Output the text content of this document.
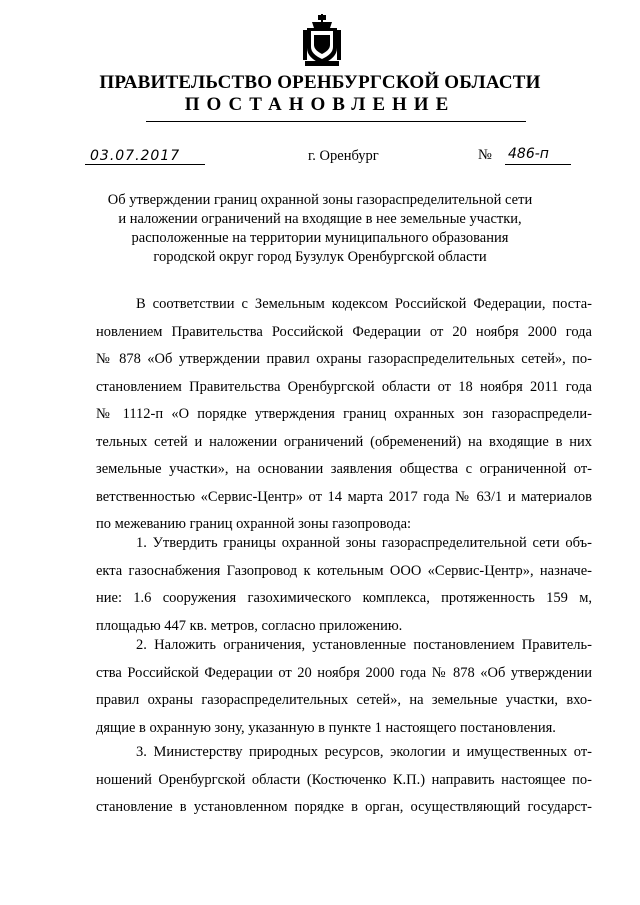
ПРАВИТЕЛЬСТВО ОРЕНБУРГСКОЙ ОБЛАСТИ
ПОСТАНОВЛЕНИЕ
03.07.2017	г. Оренбург	№ 486-п
Об утверждении границ охранной зоны газораспределительной сети
и наложении ограничений на входящие в нее земельные участки,
расположенные на территории муниципального образования
городской округ город Бузулук Оренбургской области
В соответствии с Земельным кодексом Российской Федерации, поста-
новлением Правительства Российской Федерации от 20 ноября 2000 года
№ 878 «Об утверждении правил охраны газораспределительных сетей», по-
становлением Правительства Оренбургской области от 18 ноября 2011 года
№ 1112-п «О порядке утверждения границ охранных зон газораспредели-
тельных сетей и наложении ограничений (обременений) на входящие в них
земельные участки», на основании заявления общества с ограниченной от-
ветственностью «Сервис-Центр» от 14 марта 2017 года № 63/1 и материалов
по межеванию границ охранной зоны газопровода:
1. Утвердить границы охранной зоны газораспределительной сети объ-
екта газоснабжения Газопровод к котельным ООО «Сервис-Центр», назначе-
ние: 1.6 сооружения газохимического комплекса, протяженность 159 м,
площадью 447 кв. метров, согласно приложению.
2. Наложить ограничения, установленные постановлением Правитель-
ства Российской Федерации от 20 ноября 2000 года № 878 «Об утверждении
правил охраны газораспределительных сетей», на земельные участки, вхо-
дящие в охранную зону, указанную в пункте 1 настоящего постановления.
3. Министерству природных ресурсов, экологии и имущественных от-
ношений Оренбургской области (Костюченко К.П.) направить настоящее по-
становление в установленном порядке в орган, осуществляющий государст-
